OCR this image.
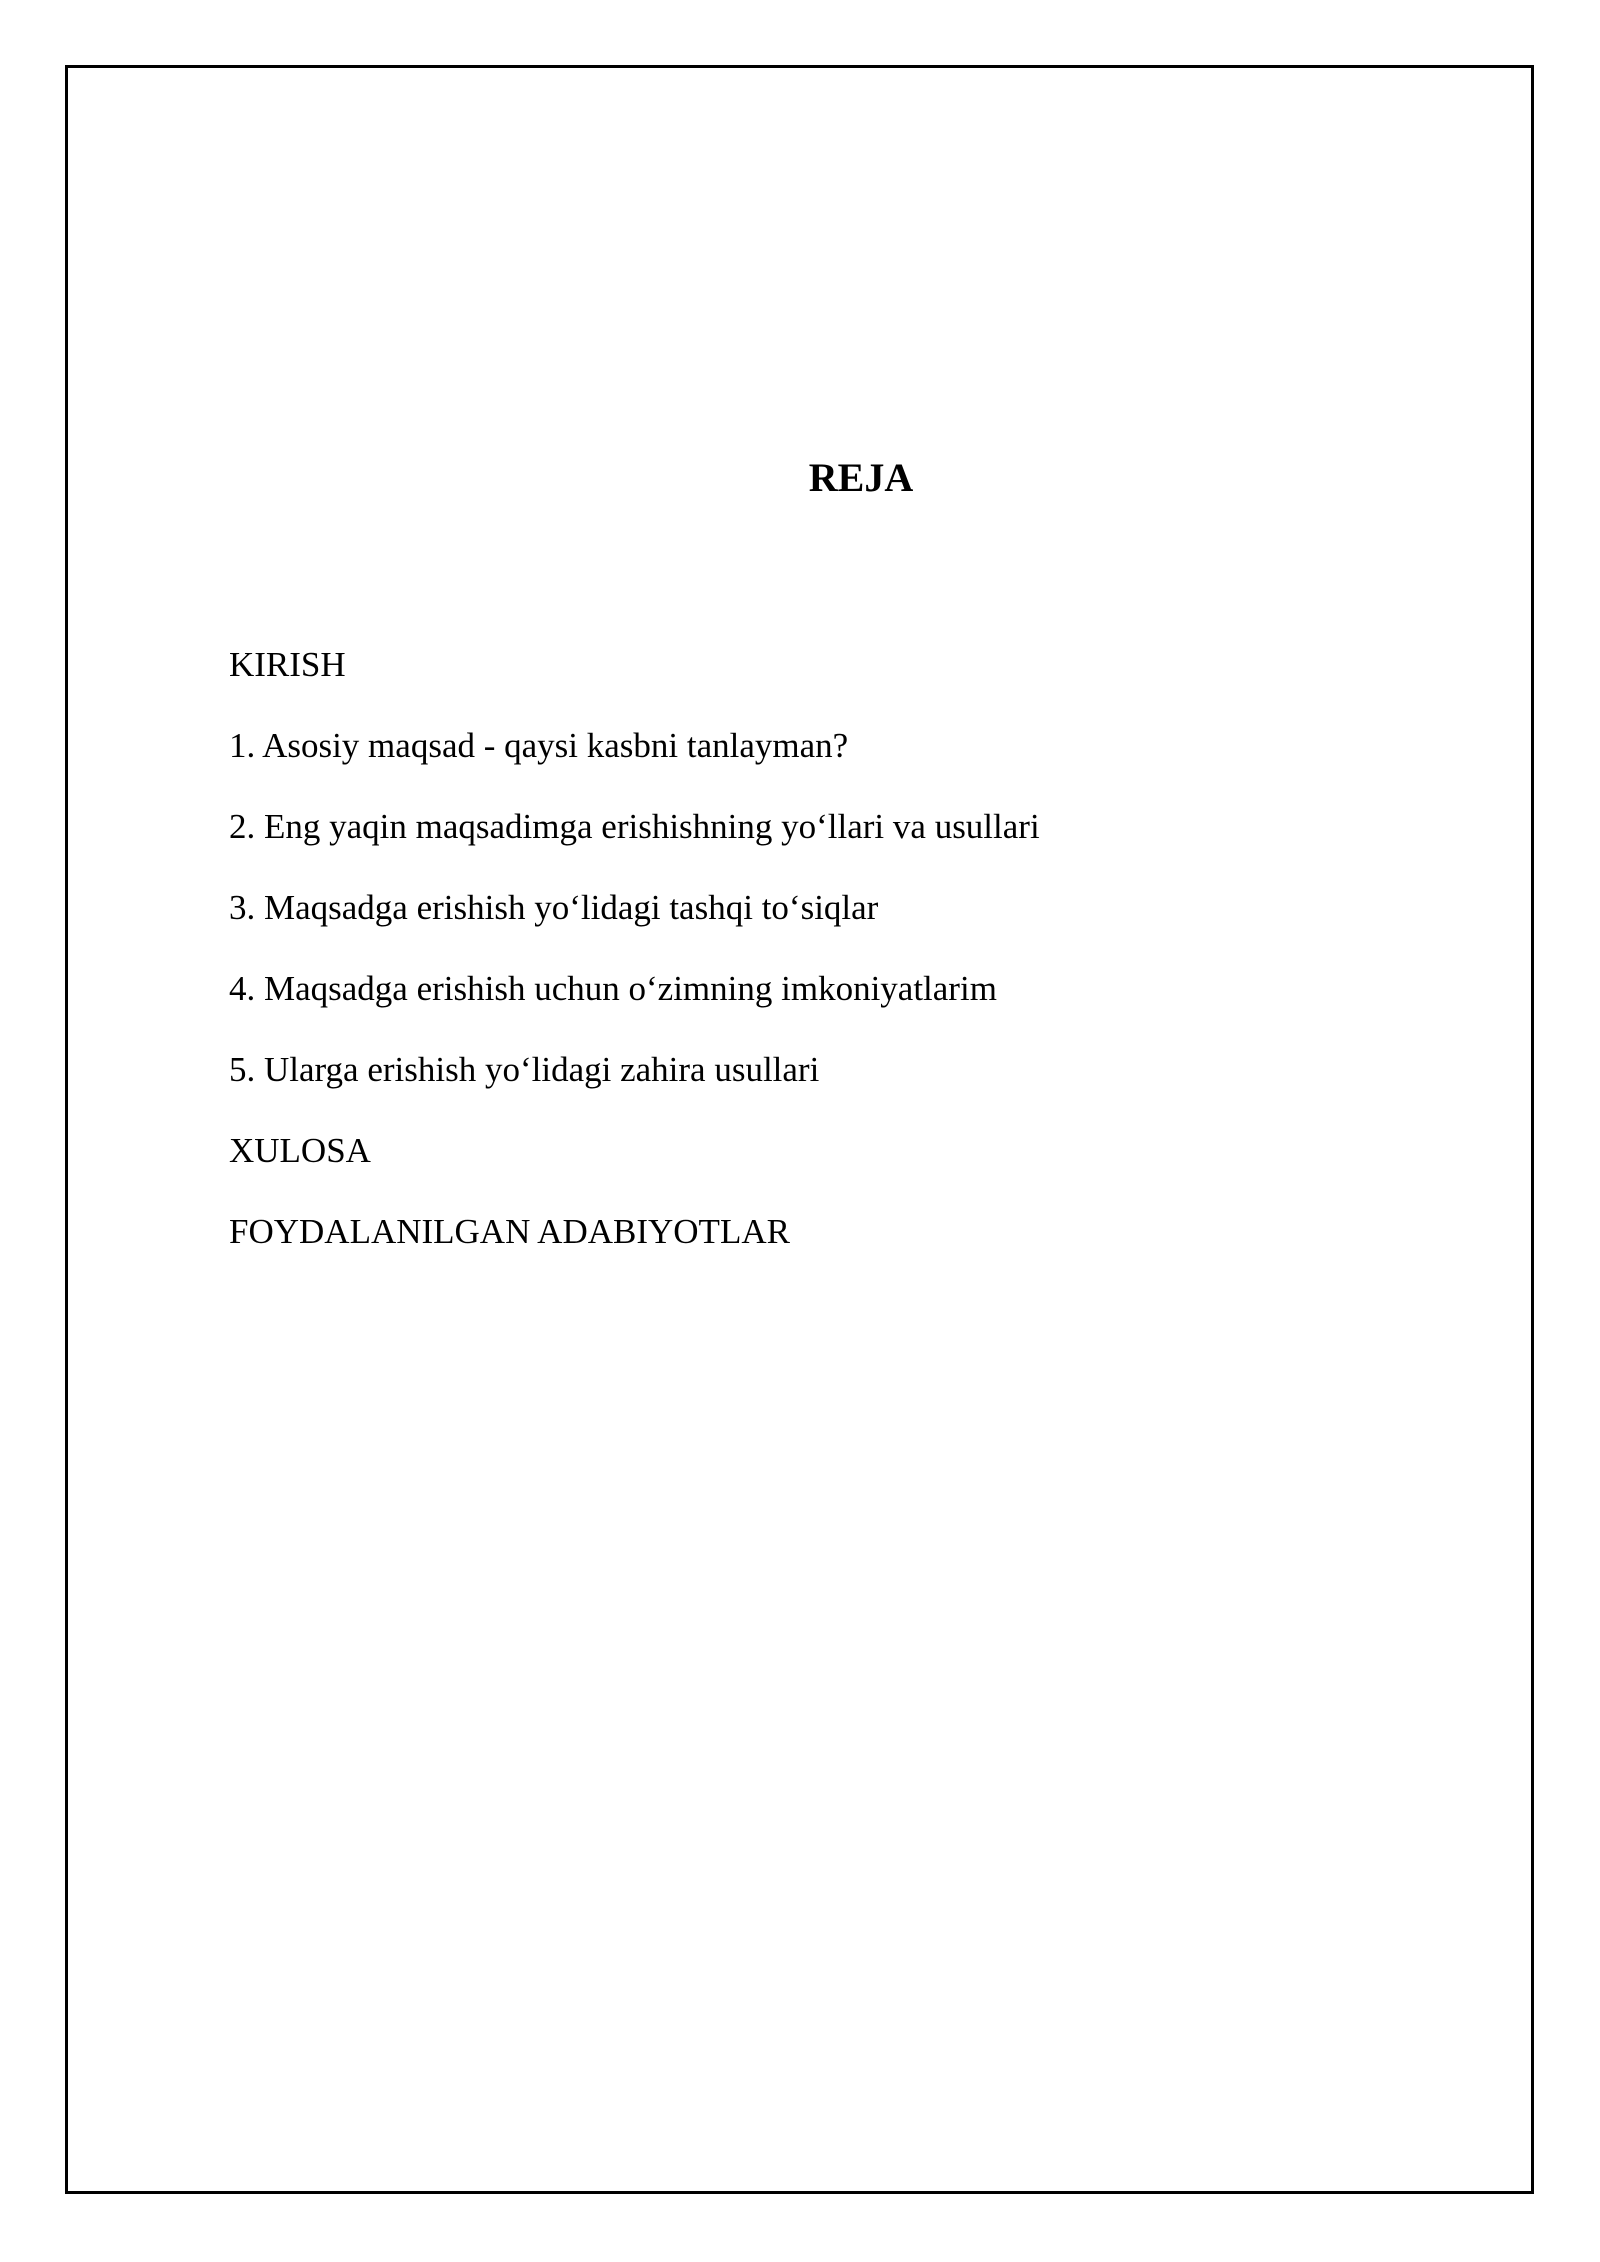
REJA
KIRISH
1. Asosiy maqsad - qaysi kasbni tanlayman?
2. Eng yaqin maqsadimga erishishning yo‘llari va usullari
3. Maqsadga erishish yo‘lidagi tashqi to‘siqlar
4. Maqsadga erishish uchun o‘zimning imkoniyatlarim
5. Ularga erishish yo‘lidagi zahira usullari
XULOSA
FOYDALANILGAN ADABIYOTLAR
